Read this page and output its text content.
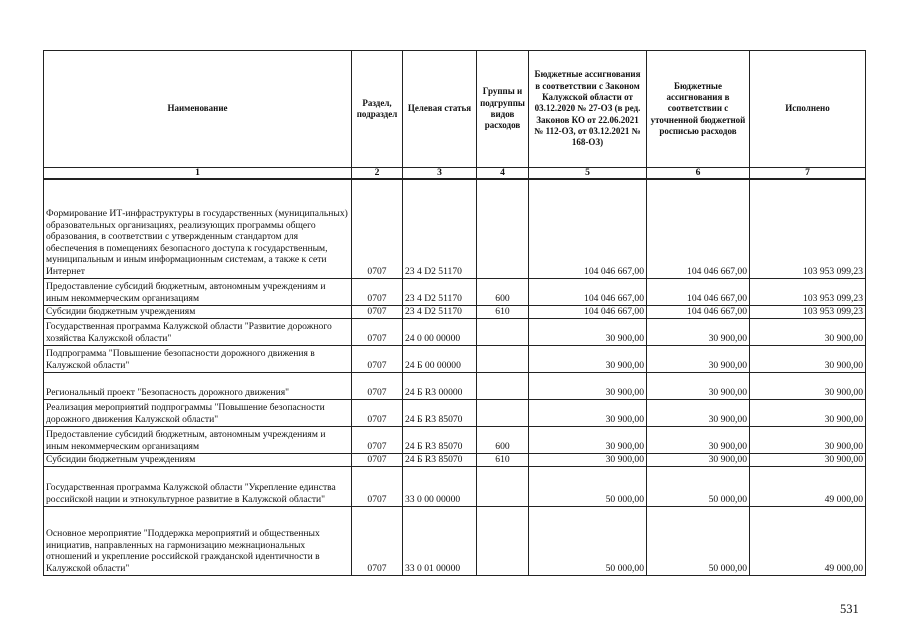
Наименование	Раздел, подраздел	Целевая статья	Группы и подгруппы видов расходов	Бюджетные ассигнования в соответствии с Законом Калужской области от 03.12.2020 № 27-ОЗ (в ред. Законов КО от 22.06.2021 № 112-ОЗ, от 03.12.2021 № 168-ОЗ)	Бюджетные ассигнования в соответствии с уточненной бюджетной росписью расходов	Исполнено
1	2	3	4	5	6	7

Формирование ИТ-инфраструктуры в государственных (муниципальных) образовательных организациях, реализующих программы общего образования, в соответствии с утвержденным стандартом для обеспечения в помещениях безопасного доступа к государственным, муниципальным и иным информационным системам, а также к сети Интернет	0707	23 4 D2 51170		104 046 667,00	104 046 667,00	103 953 099,23

Предоставление субсидий бюджетным, автономным учреждениям и иным некоммерческим организациям	0707	23 4 D2 51170	600	104 046 667,00	104 046 667,00	103 953 099,23

Субсидии бюджетным учреждениям	0707	23 4 D2 51170	610	104 046 667,00	104 046 667,00	103 953 099,23

Государственная программа Калужской области "Развитие дорожного хозяйства Калужской области"	0707	24 0 00 00000		30 900,00	30 900,00	30 900,00

Подпрограмма "Повышение безопасности дорожного движения в Калужской области"	0707	24 Б 00 00000		30 900,00	30 900,00	30 900,00

Региональный проект "Безопасность дорожного движения"	0707	24 Б R3 00000		30 900,00	30 900,00	30 900,00

Реализация мероприятий подпрограммы "Повышение безопасности дорожного движения Калужской области"	0707	24 Б R3 85070		30 900,00	30 900,00	30 900,00

Предоставление субсидий бюджетным, автономным учреждениям и иным некоммерческим организациям	0707	24 Б R3 85070	600	30 900,00	30 900,00	30 900,00

Субсидии бюджетным учреждениям	0707	24 Б R3 85070	610	30 900,00	30 900,00	30 900,00

Государственная программа Калужской области "Укрепление единства российской нации и этнокультурное развитие в Калужской области"	0707	33 0 00 00000		50 000,00	50 000,00	49 000,00

Основное мероприятие "Поддержка мероприятий и общественных инициатив, направленных на гармонизацию межнациональных отношений и укрепление российской гражданской идентичности в Калужской области"	0707	33 0 01 00000		50 000,00	50 000,00	49 000,00
531
